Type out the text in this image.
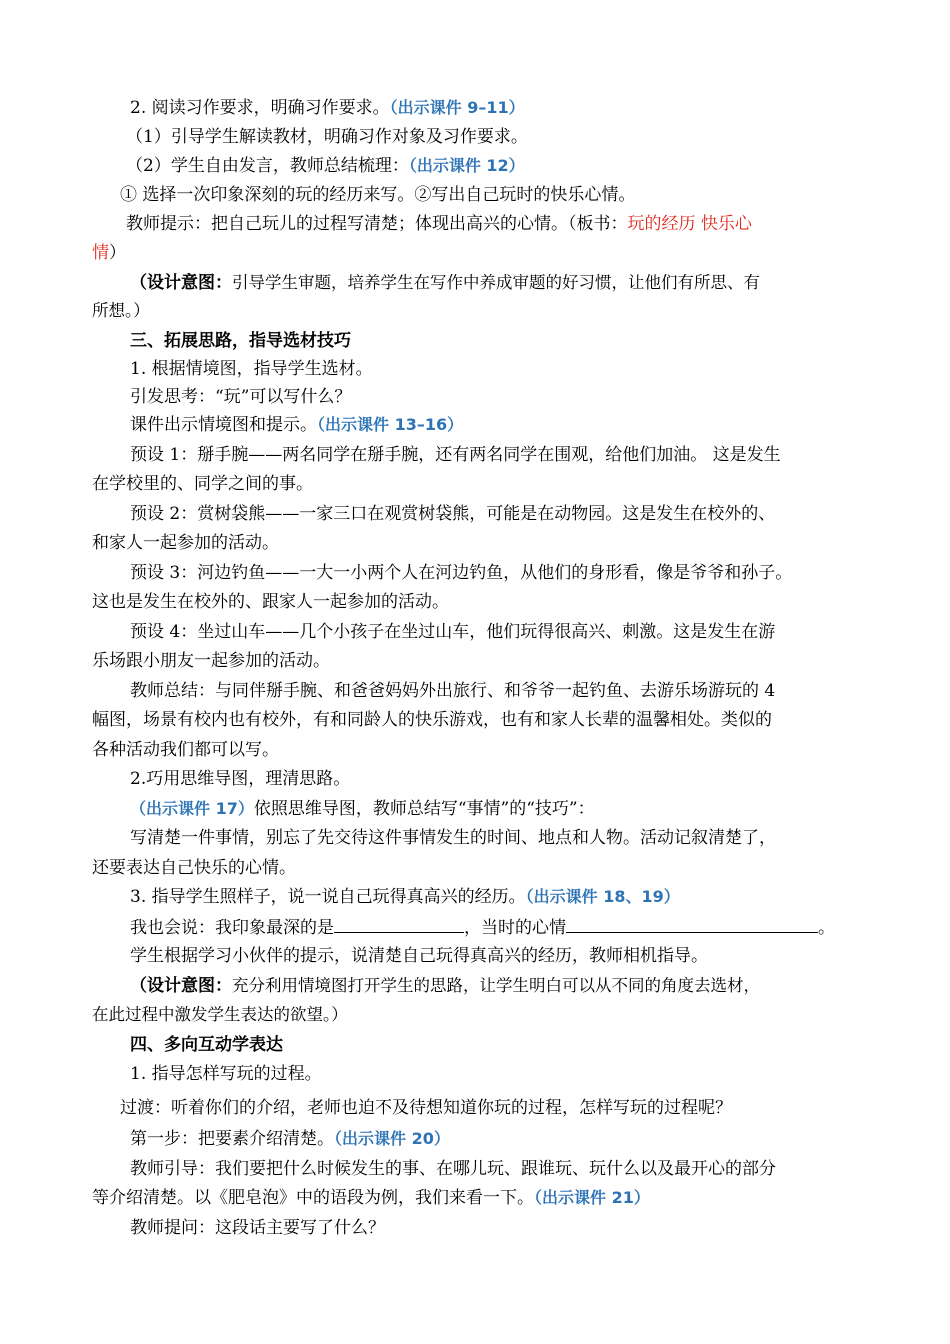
2. 阅读习作要求，明确习作要求。（出示课件 9–11）
（1）引导学生解读教材，明确习作对象及习作要求。
（2）学生自由发言，教师总结梳理：（出示课件 12）
① 选择一次印象深刻的玩的经历来写。②写出自己玩时的快乐心情。
教师提示：把自己玩儿的过程写清楚；体现出高兴的心情。（板书：玩的经历 快乐心
情）
（设计意图：引导学生审题，培养学生在写作中养成审题的好习惯，让他们有所思、有
所想。）
三、拓展思路，指导选材技巧
1. 根据情境图，指导学生选材。
引发思考：“玩”可以写什么？
课件出示情境图和提示。（出示课件 13–16）
预设 1：掰手腕——两名同学在掰手腕，还有两名同学在围观，给他们加油。 这是发生
在学校里的、同学之间的事。
预设 2：赏树袋熊——一家三口在观赏树袋熊，可能是在动物园。这是发生在校外的、
和家人一起参加的活动。
预设 3：河边钓鱼——一大一小两个人在河边钓鱼，从他们的身形看，像是爷爷和孙子。
这也是发生在校外的、跟家人一起参加的活动。
预设 4：坐过山车——几个小孩子在坐过山车，他们玩得很高兴、刺激。这是发生在游
乐场跟小朋友一起参加的活动。
教师总结：与同伴掰手腕、和爸爸妈妈外出旅行、和爷爷一起钓鱼、去游乐场游玩的 4
幅图，场景有校内也有校外，有和同龄人的快乐游戏，也有和家人长辈的温馨相处。类似的
各种活动我们都可以写。
2.巧用思维导图，理清思路。
（出示课件 17）依照思维导图，教师总结写“事情”的“技巧”：
写清楚一件事情，别忘了先交待这件事情发生的时间、地点和人物。活动记叙清楚了，
还要表达自己快乐的心情。
3. 指导学生照样子，说一说自己玩得真高兴的经历。（出示课件 18、19）
我也会说：我印象最深的是	，当时的心情	。
学生根据学习小伙伴的提示，说清楚自己玩得真高兴的经历，教师相机指导。
（设计意图：充分利用情境图打开学生的思路，让学生明白可以从不同的角度去选材，
在此过程中激发学生表达的欲望。）
四、多向互动学表达
1. 指导怎样写玩的过程。
过渡：听着你们的介绍，老师也迫不及待想知道你玩的过程，怎样写玩的过程呢？
第一步：把要素介绍清楚。（出示课件 20）
教师引导：我们要把什么时候发生的事、在哪儿玩、跟谁玩、玩什么以及最开心的部分
等介绍清楚。以《肥皂泡》中的语段为例，我们来看一下。（出示课件 21）
教师提问：这段话主要写了什么？
